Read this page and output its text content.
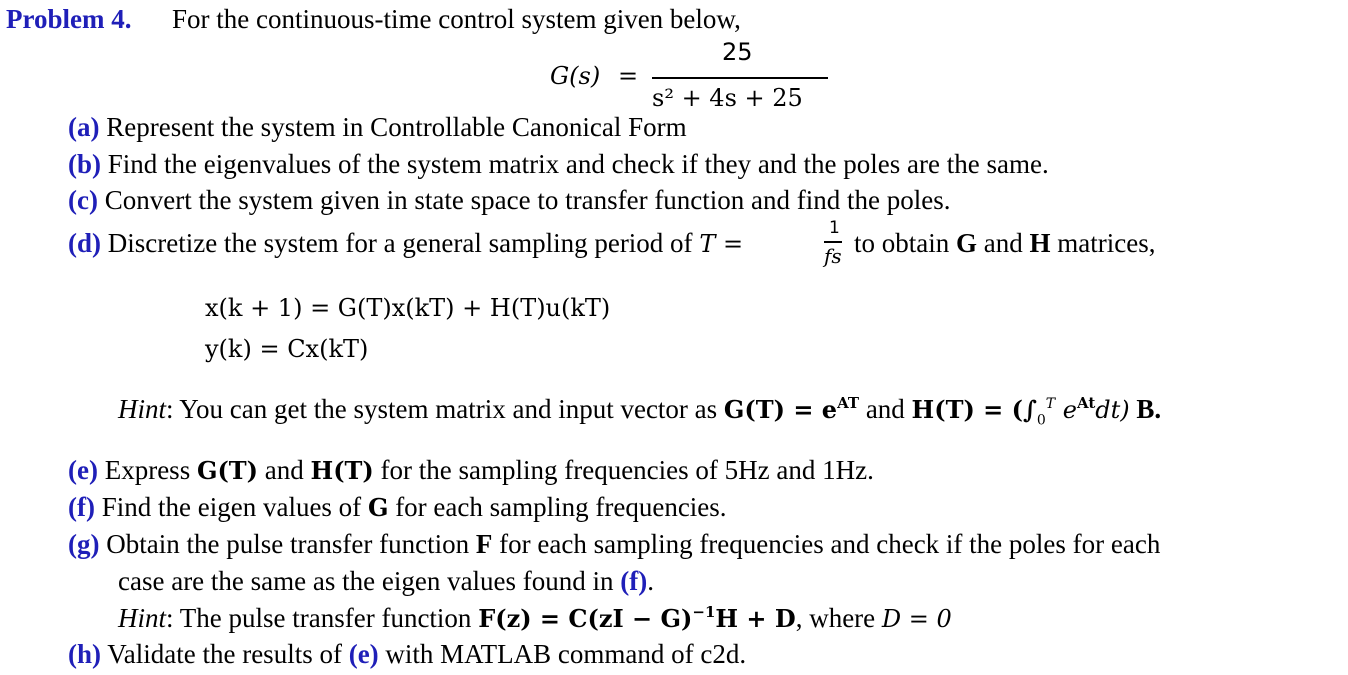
Problem 4. For the continuous-time control system given below,
G(s) =
25
s² + 4s + 25
(a) Represent the system in Controllable Canonical Form
(b) Find the eigenvalues of the system matrix and check if they and the poles are the same.
(c) Convert the system given in state space to transfer function and find the poles.
(d) Discretize the system for a general sampling period of T =
1
fs to obtain G and H matrices,
x(k + 1) = G(T)x(kT) + H(T)u(kT)
y(k) = Cx(kT)
Hint: You can get the system matrix and input vector as $G(T) = e^{AT}$ and $H(T) = (\int_0^T$ $e^{At}dt$) B.
(e) Express G(T) and H(T) for the sampling frequencies of 5Hz and 1Hz.
(f) Find the eigen values of G for each sampling frequencies.
(g) Obtain the pulse transfer function F for each sampling frequencies and check if the poles for each
case are the same as the eigen values found in (f).
Hint: The pulse transfer function F(z) = C(zI − G)$^{-1}$H + D, where D = 0
(h) Validate the results of (e) with MATLAB command of c2d.
